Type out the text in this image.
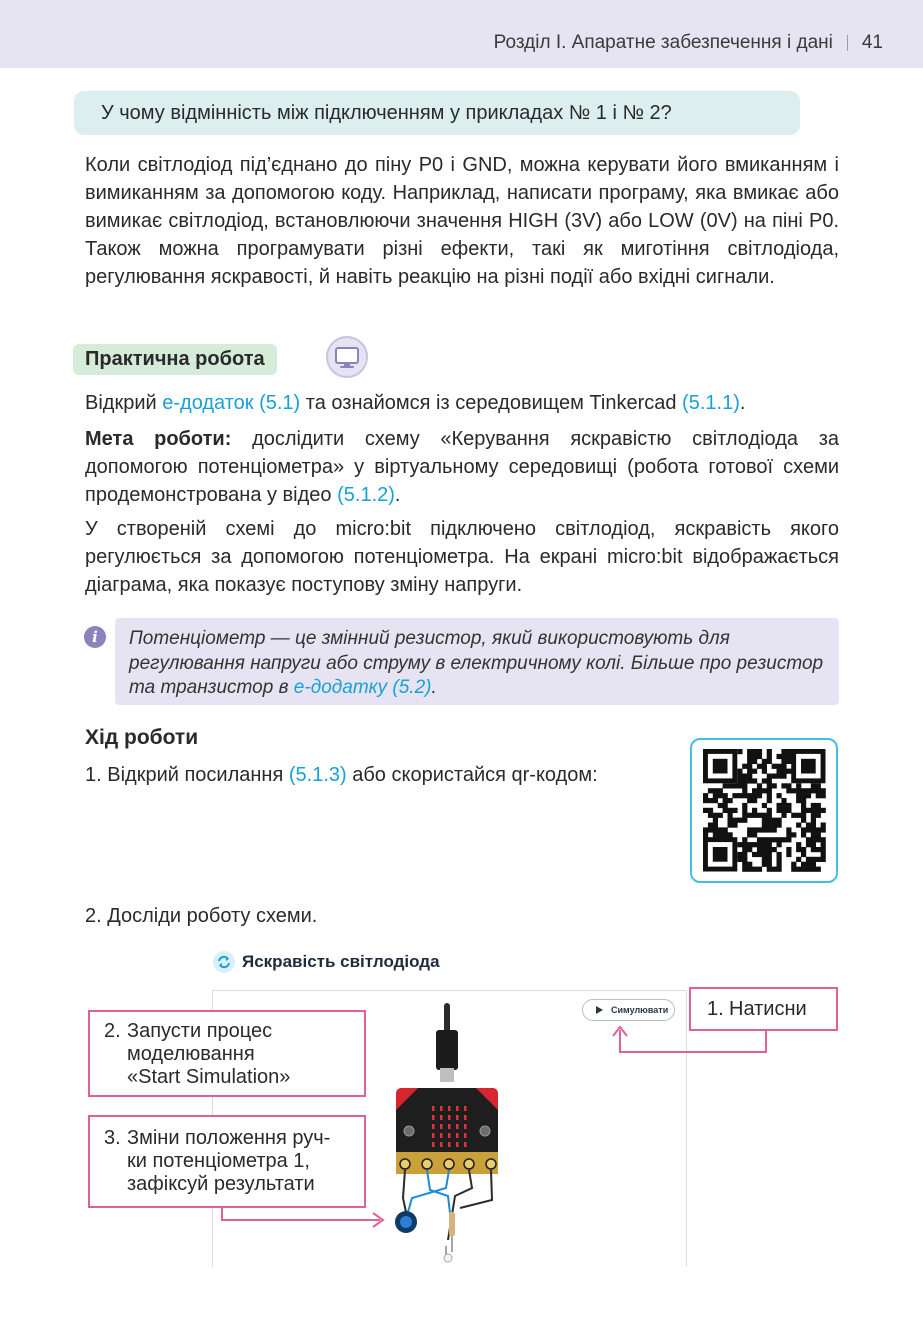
Розділ І. Апаратне забезпечення і дані 41
У чому відмінність між підключенням у прикладах № 1 і № 2?

Коли світлодіод під’єднано до піну P0 і GND, можна керувати його вмиканням і вимиканням за допомогою коду. Наприклад, написати програму, яка вмикає або вимикає світлодіод, встановлюючи значення HIGH (3V) або LOW (0V) на піні P0. Також можна програмувати різні ефекти, такі як миготіння світлодіода, регулювання яскравості, й навіть реакцію на різні події або вхідні сигнали.

Практична робота

Відкрий е-додаток (5.1) та ознайомся із середовищем Tinkercad (5.1.1).

Мета роботи: дослідити схему «Керування яскравістю світлодіода за допомогою потенціометра» у віртуальному середовищі (робота готової схеми продемонстрована у відео (5.1.2).

У створеній схемі до micro:bit підключено світлодіод, яскравість якого регулюється за допомогою потенціометра. На екрані micro:bit відображається діаграма, яка показує поступову зміну напруги.

i	Потенціометр — це змінний резистор, який використовують для регулювання напруги або струму в електричному колі. Більше про резистор та транзистор в е-додатку (5.2).
Хід роботи

1. Відкрий посилання (5.1.3) або скористайся qr-кодом:

2. Досліди роботу схеми.

Яскравість світлодіода
Симулювати	1. Натисни
2. Запусти процес
моделювання
«Start Simulation»
3. Зміни положення руч-
ки потенціометра 1,
зафіксуй результати
